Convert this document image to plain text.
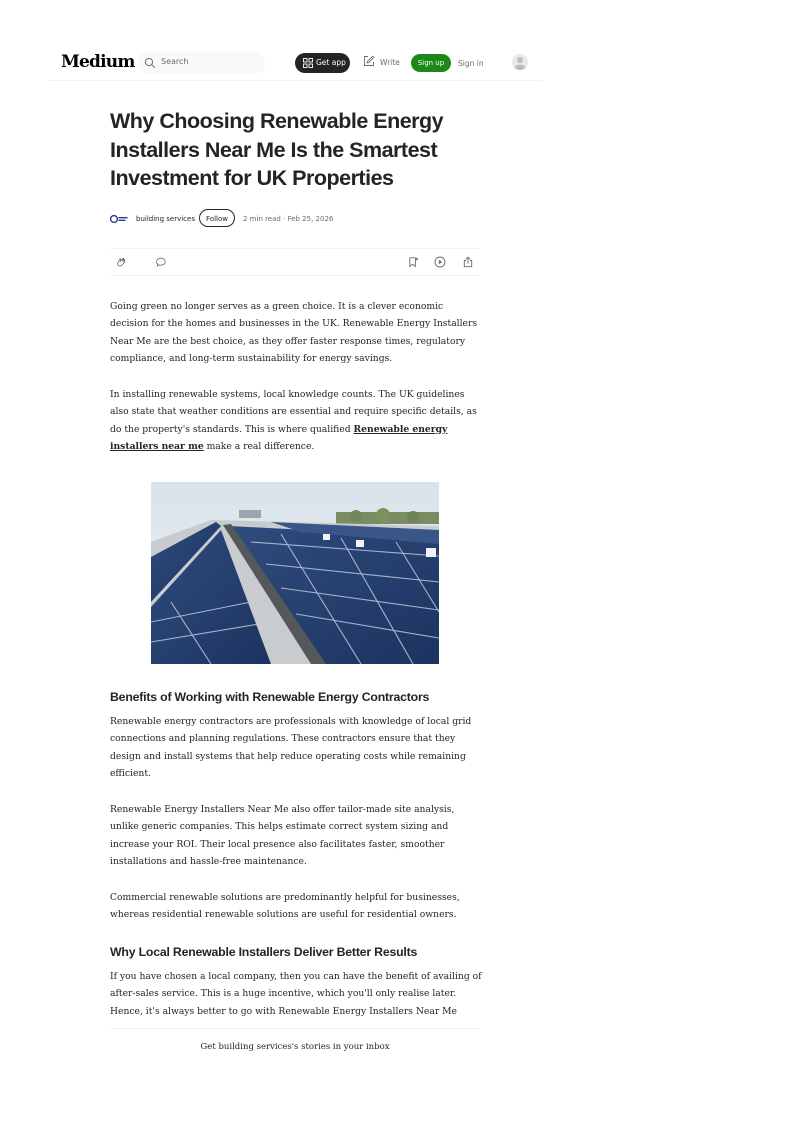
Medium	Search	Get app	Write	Sign up	Sign in
Why Choosing Renewable Energy Installers Near Me Is the Smartest Investment for UK Properties
building services	Follow	2 min read · Feb 25, 2026

Going green no longer serves as a green choice. It is a clever economic decision for the homes and businesses in the UK. Renewable Energy Installers Near Me are the best choice, as they offer faster response times, regulatory compliance, and long-term sustainability for energy savings.

In installing renewable systems, local knowledge counts. The UK guidelines also state that weather conditions are essential and require specific details, as do the property's standards. This is where qualified Renewable energy installers near me make a real difference.

Benefits of Working with Renewable Energy Contractors

Renewable energy contractors are professionals with knowledge of local grid connections and planning regulations. These contractors ensure that they design and install systems that help reduce operating costs while remaining efficient.

Renewable Energy Installers Near Me also offer tailor-made site analysis, unlike generic companies. This helps estimate correct system sizing and increase your ROI. Their local presence also facilitates faster, smoother installations and hassle-free maintenance.

Commercial renewable solutions are predominantly helpful for businesses, whereas residential renewable solutions are useful for residential owners.

Why Local Renewable Installers Deliver Better Results

If you have chosen a local company, then you can have the benefit of availing of after-sales service. This is a huge incentive, which you'll only realise later. Hence, it's always better to go with Renewable Energy Installers Near Me

Get building services's stories in your inbox
